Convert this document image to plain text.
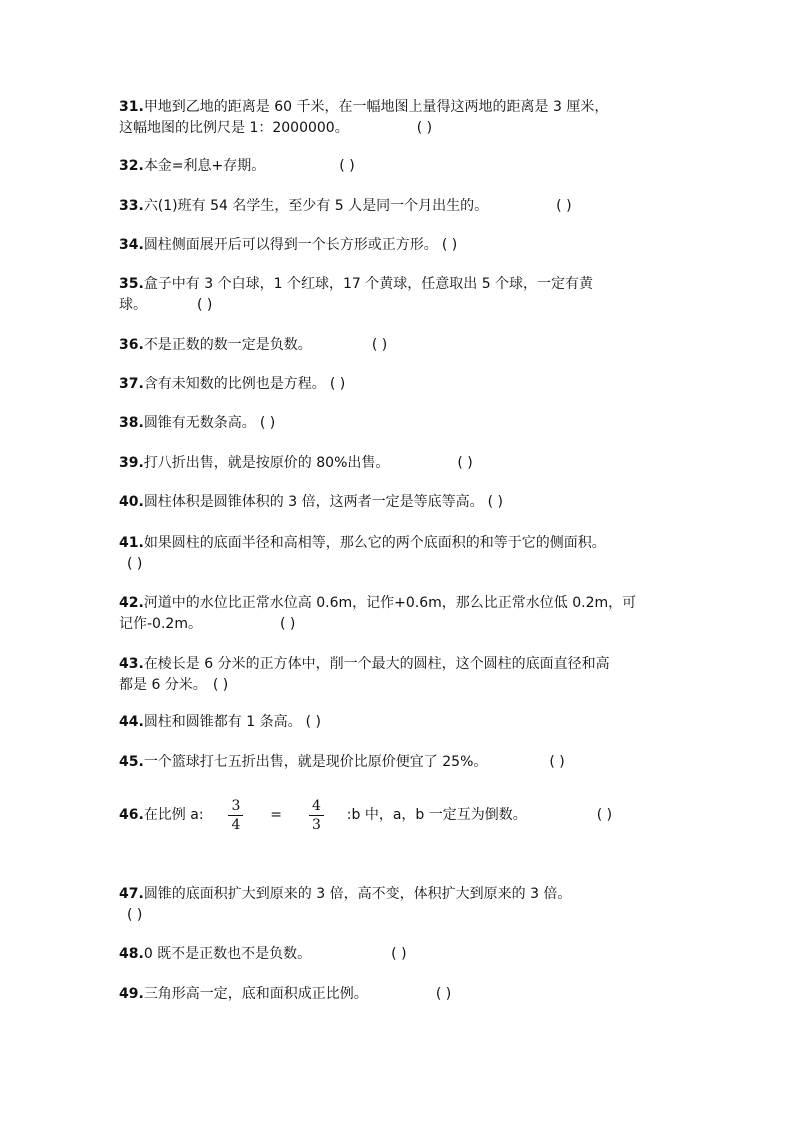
31.甲地到乙地的距离是 60 千米，在一幅地图上量得这两地的距离是 3 厘米，
这幅地图的比例尺是 1：2000000。	( )
32.本金=利息+存期。	( )
33.六(1)班有 54 名学生，至少有 5 人是同一个月出生的。	( )
34.圆柱侧面展开后可以得到一个长方形或正方形。 ( )
35.盒子中有 3 个白球，1 个红球，17 个黄球，任意取出 5 个球，一定有黄
球。	( )
36.不是正数的数一定是负数。	( )
37.含有未知数的比例也是方程。 ( )
38.圆锥有无数条高。 ( )
39.打八折出售，就是按原价的 80%出售。	( )
40.圆柱体积是圆锥体积的 3 倍，这两者一定是等底等高。 ( )
41.如果圆柱的底面半径和高相等，那么它的两个底面积的和等于它的侧面积。
( )
42.河道中的水位比正常水位高 0.6m，记作+0.6m，那么比正常水位低 0.2m，可
记作-0.2m。	( )
43.在棱长是 6 分米的正方体中，削一个最大的圆柱，这个圆柱的底面直径和高
都是 6 分米。 ( )
44.圆柱和圆锥都有 1 条高。 ( )
45.一个篮球打七五折出售，就是现价比原价便宜了 25%。	( )
46.在比例 a: $\frac{3}{4} = \frac{4}{3}$ :b 中，a，b 一定互为倒数。	( )
47.圆锥的底面积扩大到原来的 3 倍，高不变，体积扩大到原来的 3 倍。
( )
48.0 既不是正数也不是负数。	( )
49.三角形高一定，底和面积成正比例。	( )
